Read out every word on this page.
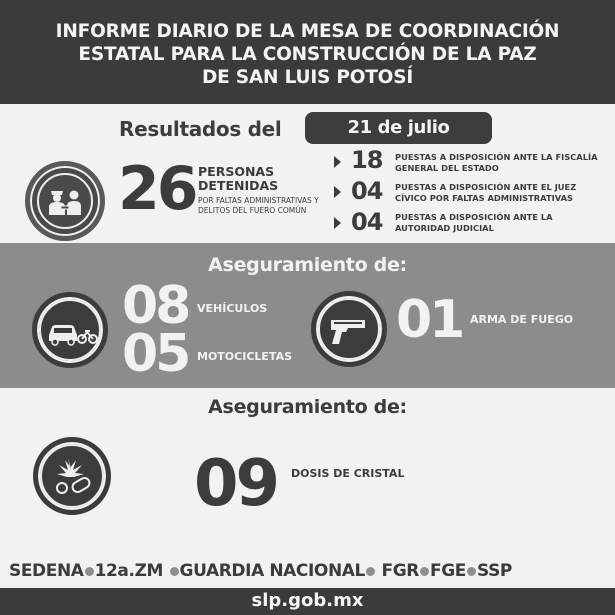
INFORME DIARIO DE LA MESA DE COORDINACIÓN
ESTATAL PARA LA CONSTRUCCIÓN DE LA PAZ
DE SAN LUIS POTOSÍ
Resultados del	21 de julio
26 PERSONAS
DETENIDAS
POR FALTAS ADMINISTRATIVAS Y DELITOS DEL FUERO COMÚN
18 PUESTAS A DISPOSICIÓN ANTE LA FISCALÍA GENERAL DEL ESTADO
04 PUESTAS A DISPOSICIÓN ANTE EL JUEZ CÍVICO POR FALTAS ADMINISTRATIVAS
04 PUESTAS A DISPOSICIÓN ANTE LA AUTORIDAD JUDICIAL
Aseguramiento de:
08 VEHÍCULOS
05 MOTOCICLETAS
01 ARMA DE FUEGO
Aseguramiento de:
09 DOSIS DE CRISTAL
SEDENA 12a.ZM GUARDIA NACIONAL FGR FGE SSP
slp.gob.mx
